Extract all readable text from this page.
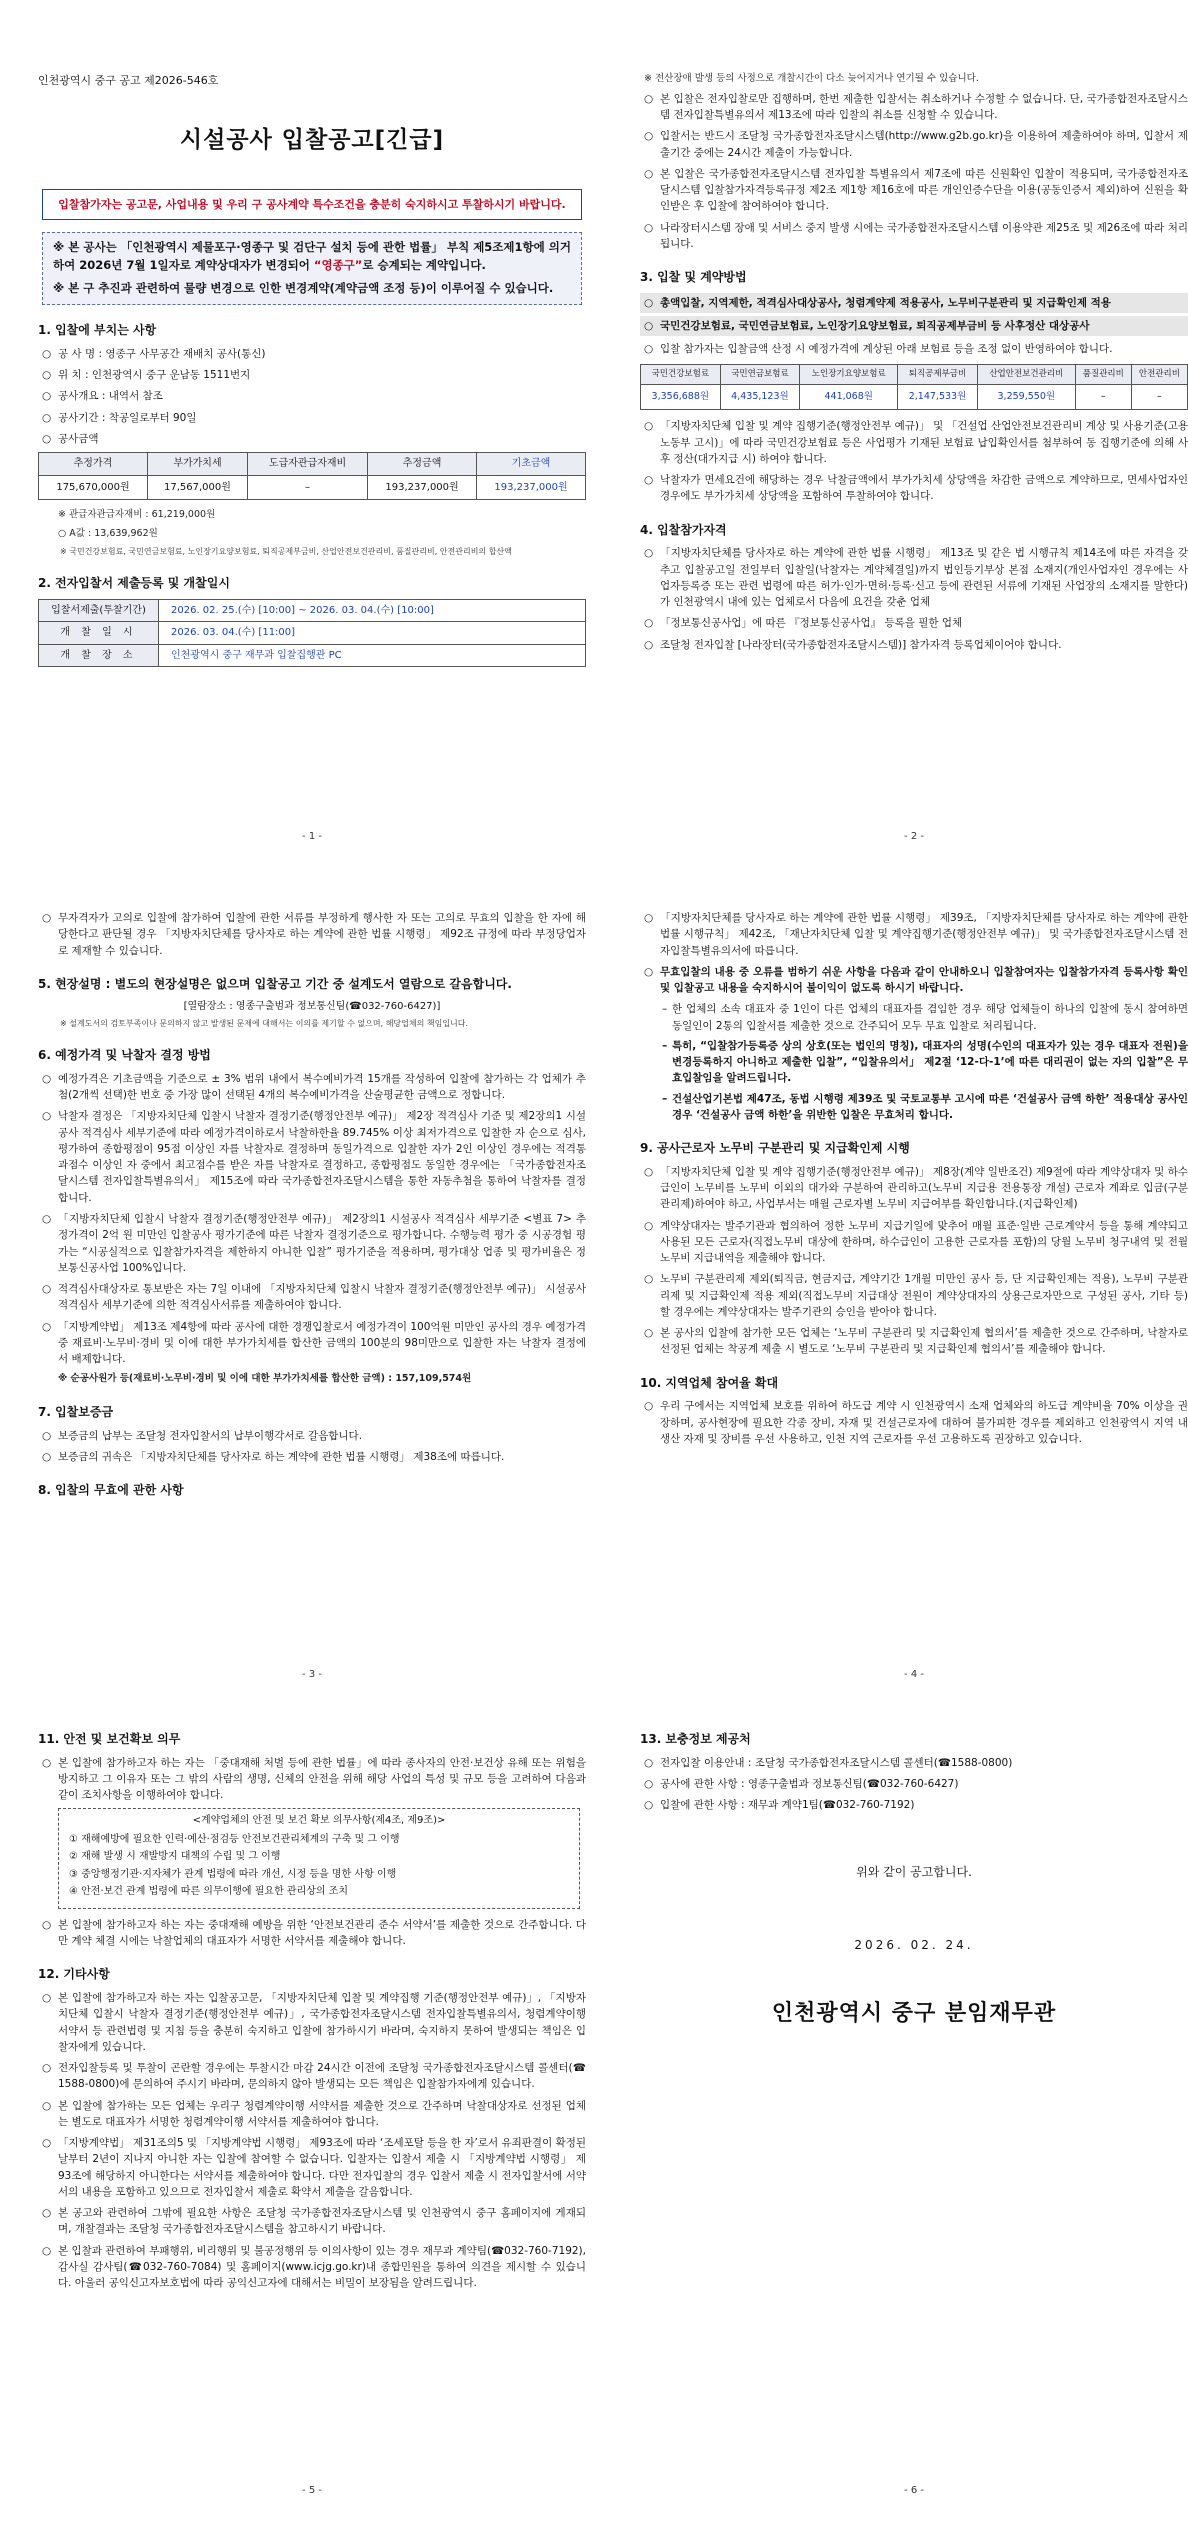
인천광역시 중구 공고 제2026-546호
시설공사 입찰공고[긴급]
입찰참가자는 공고문, 사업내용 및 우리 구 공사계약 특수조건을 충분히 숙지하시고 투찰하시기 바랍니다.

※ 본 공사는 「인천광역시 제물포구·영종구 및 검단구 설치 등에 관한 법률」 부칙 제5조제1항에 의거하여 2026년 7월 1일자로 계약상대자가 변경되어 “영종구”로 승계되는 계약입니다.

※ 본 구 추진과 관련하여 물량 변경으로 인한 변경계약(계약금액 조정 등)이 이루어질 수 있습니다.

1. 입찰에 부치는 사항
○ 공 사 명 : 영종구 사무공간 재배치 공사(통신)
○ 위 치 : 인천광역시 중구 운남동 1511번지
○ 공사개요 : 내역서 참조
○ 공사기간 : 착공일로부터 90일
○ 공사금액
추정가격	부가가치세	도급자관급자재비	추정금액	기초금액
175,670,000원	17,567,000원	–	193,237,000원	193,237,000원
※ 관급자관급자재비 : 61,219,000원
○ A값 : 13,639,962원
※ 국민건강보험료, 국민연금보험료, 노인장기요양보험료, 퇴직공제부금비, 산업안전보건관리비, 품질관리비, 안전관리비의 합산액
2. 전자입찰서 제출등록 및 개찰일시
입찰서제출(투찰기간)	2026. 02. 25.(수) [10:00] ~ 2026. 03. 04.(수) [10:00]
개 찰 일 시	2026. 03. 04.(수) [11:00]
개 찰 장 소	인천광역시 중구 재무과 입찰집행관 PC
- 1 -
※ 전산장애 발생 등의 사정으로 개찰시간이 다소 늦어지거나 연기될 수 있습니다.
○ 본 입찰은 전자입찰로만 집행하며, 한번 제출한 입찰서는 취소하거나 수정할 수 없습니다. 단, 국가종합전자조달시스템 전자입찰특별유의서 제13조에 따라 입찰의 취소를 신청할 수 있습니다.
○ 입찰서는 반드시 조달청 국가종합전자조달시스템(http://www.g2b.go.kr)을 이용하여 제출하여야 하며, 입찰서 제출기간 중에는 24시간 제출이 가능합니다.
○ 본 입찰은 국가종합전자조달시스템 전자입찰 특별유의서 제7조에 따른 신원확인 입찰이 적용되며, 국가종합전자조달시스템 입찰참가자격등록규정 제2조 제1항 제16호에 따른 개인인증수단을 이용(공동인증서 제외)하여 신원을 확인받은 후 입찰에 참여하여야 합니다.
○ 나라장터시스템 장애 및 서비스 중지 발생 시에는 국가종합전자조달시스템 이용약관 제25조 및 제26조에 따라 처리됩니다.
3. 입찰 및 계약방법
○ 총액입찰, 지역제한, 적격심사대상공사, 청렴계약제 적용공사, 노무비구분관리 및 지급확인제 적용
○ 국민건강보험료, 국민연금보험료, 노인장기요양보험료, 퇴직공제부금비 등 사후정산 대상공사
○ 입찰 참가자는 입찰금액 산정 시 예정가격에 계상된 아래 보험료 등을 조정 없이 반영하여야 합니다.
국민건강보험료	국민연금보험료	노인장기요양보험료	퇴직공제부금비	산업안전보건관리비	품질관리비	안전관리비
3,356,688원	4,435,123원	441,068원	2,147,533원	3,259,550원	–	–
○ 「지방자치단체 입찰 및 계약 집행기준(행정안전부 예규)」 및 「건설업 산업안전보건관리비 계상 및 사용기준(고용노동부 고시)」에 따라 국민건강보험료 등은 사업평가 기재된 보험료 납입확인서를 첨부하여 동 집행기준에 의해 사후 정산(대가지급 시) 하여야 합니다.
○ 낙찰자가 면세요건에 해당하는 경우 낙찰금액에서 부가가치세 상당액을 차감한 금액으로 계약하므로, 면세사업자인 경우에도 부가가치세 상당액을 포함하여 투찰하여야 합니다.
4. 입찰참가자격
○ 「지방자치단체를 당사자로 하는 계약에 관한 법률 시행령」 제13조 및 같은 법 시행규칙 제14조에 따른 자격을 갖추고 입찰공고일 전일부터 입찰일(낙찰자는 계약체결일)까지 법인등기부상 본점 소재지(개인사업자인 경우에는 사업자등록증 또는 관련 법령에 따른 허가·인가·면허·등록·신고 등에 관련된 서류에 기재된 사업장의 소재지를 말한다)가 인천광역시 내에 있는 업체로서 다음에 요건을 갖춘 업체
○ 「정보통신공사업」에 따른 『정보통신공사업』 등록을 필한 업체
○ 조달청 전자입찰 [나라장터(국가종합전자조달시스템)] 참가자격 등록업체이어야 합니다.
- 2 -
○ 무자격자가 고의로 입찰에 참가하여 입찰에 관한 서류를 부정하게 행사한 자 또는 고의로 무효의 입찰을 한 자에 해당한다고 판단될 경우 「지방자치단체를 당사자로 하는 계약에 관한 법률 시행령」 제92조 규정에 따라 부정당업자로 제재할 수 있습니다.
5. 현장설명 : 별도의 현장설명은 없으며 입찰공고 기간 중 설계도서 열람으로 갈음합니다.
[열람장소 : 영종구출범과 정보통신팀(☎032-760-6427)]
※ 설계도서의 검토부족이나 문의하지 않고 발생된 문제에 대해서는 이의를 제기할 수 없으며, 해당업체의 책임입니다.
6. 예정가격 및 낙찰자 결정 방법
○ 예정가격은 기초금액을 기준으로 ± 3% 범위 내에서 복수예비가격 15개를 작성하여 입찰에 참가하는 각 업체가 추첨(2개씩 선택)한 번호 중 가장 많이 선택된 4개의 복수예비가격을 산술평균한 금액으로 정합니다.
○ 낙찰자 결정은 「지방자치단체 입찰시 낙찰자 결정기준(행정안전부 예규)」 제2장 적격심사 기준 및 제2장의1 시설공사 적격심사 세부기준에 따라 예정가격이하로서 낙찰하한율 89.745% 이상 최저가격으로 입찰한 자 순으로 심사, 평가하여 종합평점이 95점 이상인 자를 낙찰자로 결정하며 동일가격으로 입찰한 자가 2인 이상인 경우에는 적격통과점수 이상인 자 중에서 최고점수를 받은 자를 낙찰자로 결정하고, 종합평점도 동일한 경우에는 「국가종합전자조달시스템 전자입찰특별유의서」 제15조에 따라 국가종합전자조달시스템을 통한 자동추첨을 통하여 낙찰자를 결정합니다.
○ 「지방자치단체 입찰시 낙찰자 결정기준(행정안전부 예규)」 제2장의1 시설공사 적격심사 세부기준 <별표 7> 추정가격이 2억 원 미만인 입찰공사 평가기준에 따른 낙찰자 결정기준으로 평가합니다. 수행능력 평가 중 시공경험 평가는 “시공실적으로 입찰참가자격을 제한하지 아니한 입찰” 평가기준을 적용하며, 평가대상 업종 및 평가비율은 정보통신공사업 100%입니다.
○ 적격심사대상자로 통보받은 자는 7일 이내에 「지방자치단체 입찰시 낙찰자 결정기준(행정안전부 예규)」 시설공사 적격심사 세부기준에 의한 적격심사서류를 제출하여야 합니다.
○ 「지방계약법」 제13조 제4항에 따라 공사에 대한 경쟁입찰로서 예정가격이 100억원 미만인 공사의 경우 예정가격 중 재료비·노무비·경비 및 이에 대한 부가가치세를 합산한 금액의 100분의 98미만으로 입찰한 자는 낙찰자 결정에서 배제합니다.
※ 순공사원가 등(재료비·노무비·경비 및 이에 대한 부가가치세를 합산한 금액) : 157,109,574원
7. 입찰보증금
○ 보증금의 납부는 조달청 전자입찰서의 납부이행각서로 갈음합니다.
○ 보증금의 귀속은 「지방자치단체를 당사자로 하는 계약에 관한 법률 시행령」 제38조에 따릅니다.
8. 입찰의 무효에 관한 사항
- 3 -
○ 「지방자치단체를 당사자로 하는 계약에 관한 법률 시행령」 제39조, 「지방자치단체를 당사자로 하는 계약에 관한 법률 시행규칙」 제42조, 「재난자치단체 입찰 및 계약집행기준(행정안전부 예규)」 및 국가종합전자조달시스템 전자입찰특별유의서에 따릅니다.
○ 무효입찰의 내용 중 오류를 범하기 쉬운 사항을 다음과 같이 안내하오니 입찰참여자는 입찰참가자격 등록사항 확인 및 입찰공고 내용을 숙지하시어 불이익이 없도록 하시기 바랍니다.
– 한 업체의 소속 대표자 중 1인이 다른 업체의 대표자를 겸임한 경우 해당 업체들이 하나의 입찰에 동시 참여하면 동일인이 2통의 입찰서를 제출한 것으로 간주되어 모두 무효 입찰로 처리됩니다.
– 특히, “입찰참가등록증 상의 상호(또는 법인의 명칭), 대표자의 성명(수인의 대표자가 있는 경우 대표자 전원)을 변경등록하지 아니하고 제출한 입찰”, “입찰유의서」 제2절 ‘12-다-1’에 따른 대리권이 없는 자의 입찰”은 무효입찰임을 알려드립니다.
– 건설산업기본법 제47조, 동법 시행령 제39조 및 국토교통부 고시에 따른 ‘건설공사 금액 하한’ 적용대상 공사인 경우 ‘건설공사 금액 하한’을 위반한 입찰은 무효처리 합니다.
9. 공사근로자 노무비 구분관리 및 지급확인제 시행
○ 「지방자치단체 입찰 및 계약 집행기준(행정안전부 예규)」 제8장(계약 일반조건) 제9절에 따라 계약상대자 및 하수급인이 노무비를 노무비 이외의 대가와 구분하여 관리하고(노무비 지급용 전용통장 개설) 근로자 계좌로 입금(구분관리제)하여야 하고, 사업부서는 매월 근로자별 노무비 지급여부를 확인합니다.(지급확인제)
○ 계약상대자는 발주기관과 협의하여 정한 노무비 지급기일에 맞추어 매월 표준·일반 근로계약서 등을 통해 계약되고 사용된 모든 근로자(직접노무비 대상에 한하며, 하수급인이 고용한 근로자를 포함)의 당월 노무비 청구내역 및 전월 노무비 지급내역을 제출해야 합니다.
○ 노무비 구분관리제 제외(퇴직금, 현금지급, 계약기간 1개월 미만인 공사 등, 단 지급확인제는 적용), 노무비 구분관리제 및 지급확인제 적용 제외(직접노무비 지급대상 전원이 계약상대자의 상용근로자만으로 구성된 공사, 기타 등)할 경우에는 계약상대자는 발주기관의 승인을 받아야 합니다.
○ 본 공사의 입찰에 참가한 모든 업체는 ‘노무비 구분관리 및 지급확인제 협의서’를 제출한 것으로 간주하며, 낙찰자로 선정된 업체는 착공계 제출 시 별도로 ‘노무비 구분관리 및 지급확인제 협의서’를 제출해야 합니다.
10. 지역업체 참여율 확대
○ 우리 구에서는 지역업체 보호를 위하여 하도급 계약 시 인천광역시 소재 업체와의 하도급 계약비율 70% 이상을 권장하며, 공사현장에 필요한 각종 장비, 자재 및 건설근로자에 대하여 불가피한 경우를 제외하고 인천광역시 지역 내 생산 자재 및 장비를 우선 사용하고, 인천 지역 근로자를 우선 고용하도록 권장하고 있습니다.
- 4 -
11. 안전 및 보건확보 의무
○ 본 입찰에 참가하고자 하는 자는 「중대재해 처벌 등에 관한 법률」에 따라 종사자의 안전·보건상 유해 또는 위험을 방지하고 그 이유자 또는 그 밖의 사람의 생명, 신체의 안전을 위해 해당 사업의 특성 및 규모 등을 고려하여 다음과 같이 조치사항을 이행하여야 합니다.
<계약업체의 안전 및 보건 확보 의무사항(제4조, 제9조)>
① 재해예방에 필요한 인력·예산·점검등 안전보건관리체계의 구축 및 그 이행
② 재해 발생 시 재발방지 대책의 수립 및 그 이행
③ 중앙행정기관·지자체가 관계 법령에 따라 개선, 시정 등을 명한 사항 이행
④ 안전·보건 관계 법령에 따른 의무이행에 필요한 관리상의 조치
○ 본 입찰에 참가하고자 하는 자는 중대재해 예방을 위한 ‘안전보건관리 준수 서약서’를 제출한 것으로 간주합니다. 다만 계약 체결 시에는 낙찰업체의 대표자가 서명한 서약서를 제출해야 합니다.
12. 기타사항
○ 본 입찰에 참가하고자 하는 자는 입찰공고문, 「지방자치단체 입찰 및 계약집행 기준(행정안전부 예규)」, 「지방자치단체 입찰시 낙찰자 결정기준(행정안전부 예규)」, 국가종합전자조달시스템 전자입찰특별유의서, 청렴계약이행 서약서 등 관련법령 및 지침 등을 충분히 숙지하고 입찰에 참가하시기 바라며, 숙지하지 못하여 발생되는 책임은 입찰자에게 있습니다.
○ 전자입찰등록 및 투찰이 곤란할 경우에는 투찰시간 마감 24시간 이전에 조달청 국가종합전자조달시스템 콜센터(☎ 1588-0800)에 문의하여 주시기 바라며, 문의하지 않아 발생되는 모든 책임은 입찰참가자에게 있습니다.
○ 본 입찰에 참가하는 모든 업체는 우리구 청렴계약이행 서약서를 제출한 것으로 간주하며 낙찰대상자로 선정된 업체는 별도로 대표자가 서명한 청렴계약이행 서약서를 제출하여야 합니다.
○ 「지방계약법」 제31조의5 및 「지방계약법 시행령」 제93조에 따라 ‘조세포탈 등을 한 자’로서 유죄판결이 확정된 날부터 2년이 지나지 아니한 자는 입찰에 참여할 수 없습니다. 입찰자는 입찰서 제출 시 「지방계약법 시행령」 제93조에 해당하지 아니한다는 서약서를 제출하여야 합니다. 다만 전자입찰의 경우 입찰서 제출 시 전자입찰서에 서약서의 내용을 포함하고 있으므로 전자입찰서 제출로 확약서 제출을 갈음합니다.
○ 본 공고와 관련하여 그밖에 필요한 사항은 조달청 국가종합전자조달시스템 및 인천광역시 중구 홈페이지에 게재되며, 개찰결과는 조달청 국가종합전자조달시스템을 참고하시기 바랍니다.
○ 본 입찰과 관련하여 부패행위, 비리행위 및 불공정행위 등 이의사항이 있는 경우 재무과 계약팀(☎032-760-7192), 감사실 감사팀(☎032-760-7084) 및 홈페이지(www.icjg.go.kr)내 종합민원을 통하여 의견을 제시할 수 있습니다. 아울러 공익신고자보호법에 따라 공익신고자에 대해서는 비밀이 보장됨을 알려드립니다.
- 5 -
13. 보충정보 제공처
○ 전자입찰 이용안내 : 조달청 국가종합전자조달시스템 콜센터(☎1588-0800)
○ 공사에 관한 사항 : 영종구출범과 정보통신팀(☎032-760-6427)
○ 입찰에 관한 사항 : 재무과 계약1팀(☎032-760-7192)
위와 같이 공고합니다.
2026. 02. 24.
인천광역시 중구 분임재무관
- 6 -
